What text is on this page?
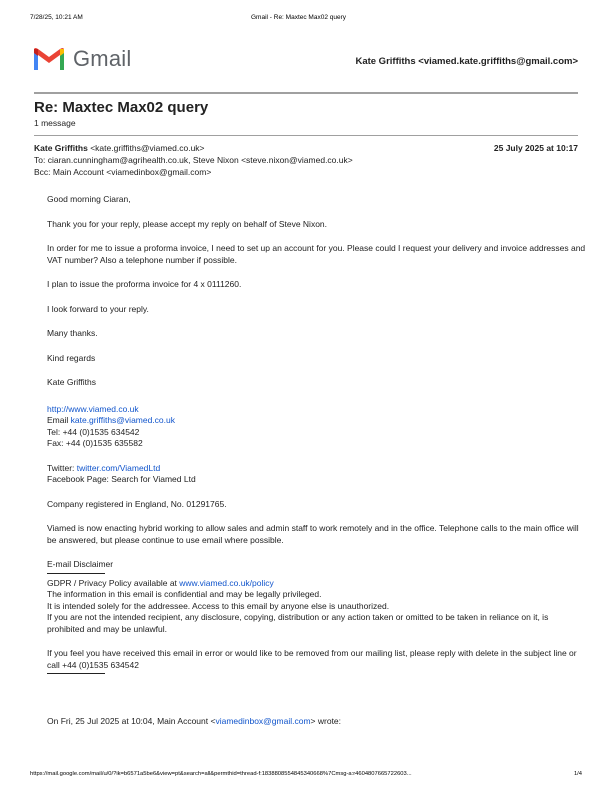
7/28/25, 10:21 AM	Gmail - Re: Maxtec Max02 query
Gmail	Kate Griffiths <viamed.kate.griffiths@gmail.com>
Re: Maxtec Max02 query
1 message
Kate Griffiths <kate.griffiths@viamed.co.uk>	25 July 2025 at 10:17
To: ciaran.cunningham@agrihealth.co.uk, Steve Nixon <steve.nixon@viamed.co.uk>
Bcc: Main Account <viamedinbox@gmail.com>

Good morning Ciaran,

Thank you for your reply, please accept my reply on behalf of Steve Nixon.

In order for me to issue a proforma invoice, I need to set up an account for you. Please could I request your delivery and invoice addresses and VAT number? Also a telephone number if possible.

I plan to issue the proforma invoice for 4 x 0111260.

I look forward to your reply.

Many thanks.

Kind regards

Kate Griffiths

http://www.viamed.co.uk
Email kate.griffiths@viamed.co.uk
Tel: +44 (0)1535 634542
Fax: +44 (0)1535 635582
Twitter: twitter.com/ViamedLtd
Facebook Page: Search for Viamed Ltd

Company registered in England, No. 01291765.

Viamed is now enacting hybrid working to allow sales and admin staff to work remotely and in the office. Telephone calls to the main office will be answered, but please continue to use email where possible.

E-mail Disclaimer
GDPR / Privacy Policy available at www.viamed.co.uk/policy
The information in this email is confidential and may be legally privileged.
It is intended solely for the addressee. Access to this email by anyone else is unauthorized.
If you are not the intended recipient, any disclosure, copying, distribution or any action taken or omitted to be taken in reliance on it, is prohibited and may be unlawful.
If you feel you have received this email in error or would like to be removed from our mailing list, please reply with delete in the subject line or call +44 (0)1535 634542
On Fri, 25 Jul 2025 at 10:04, Main Account <viamedinbox@gmail.com> wrote:
https://mail.google.com/mail/u/0/?ik=b6571a5be6&view=pt&search=all&permthid=thread-f:1838808554845340668%7Cmsg-a:r4604807665722603...	1/4
